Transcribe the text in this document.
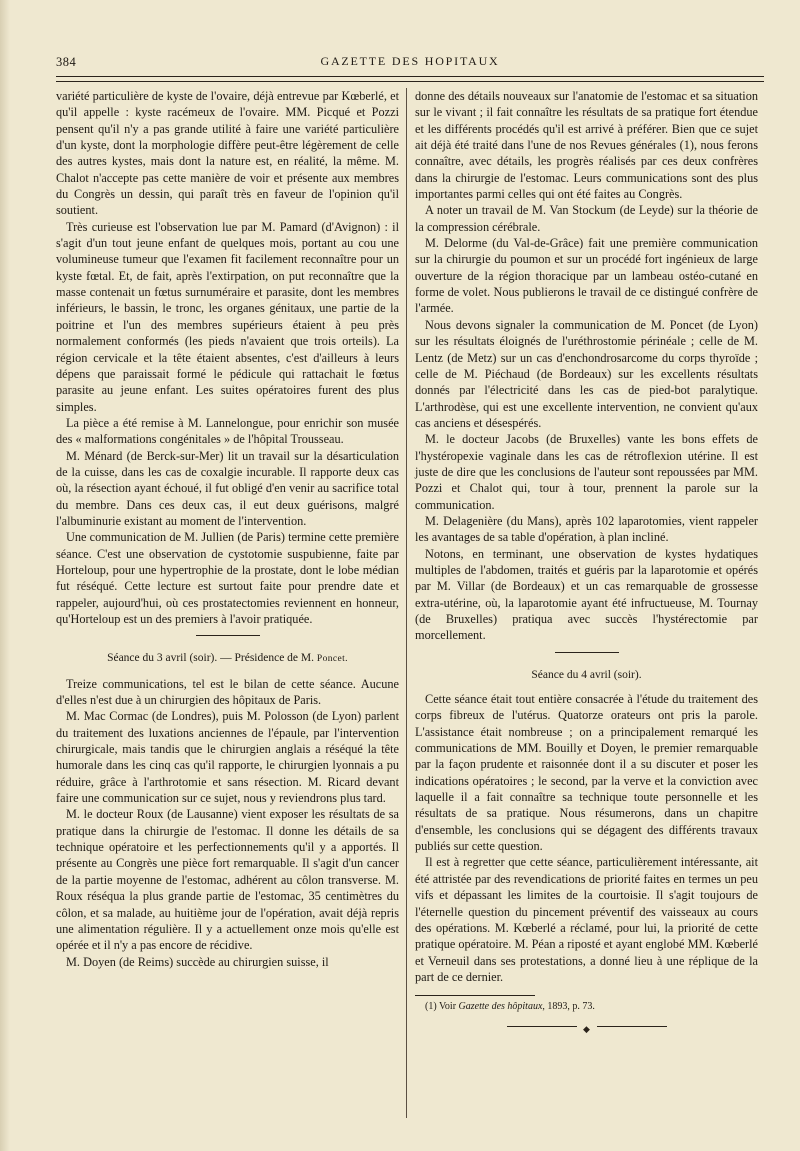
384	GAZETTE DES HOPITAUX

variété particulière de kyste de l'ovaire, déjà entrevue par Kœberlé, et qu'il appelle : kyste racémeux de l'ovaire. MM. Picqué et Pozzi pensent qu'il n'y a pas grande utilité à faire une variété particulière d'un kyste, dont la morphologie diffère peut-être légèrement de celle des autres kystes, mais dont la nature est, en réalité, la même. M. Chalot n'accepte pas cette manière de voir et présente aux membres du Congrès un dessin, qui paraît très en faveur de l'opinion qu'il soutient.

Très curieuse est l'observation lue par M. Pamard (d'Avignon) : il s'agit d'un tout jeune enfant de quelques mois, portant au cou une volumineuse tumeur que l'examen fit facilement reconnaître pour un kyste fœtal. Et, de fait, après l'extirpation, on put reconnaître que la masse contenait un fœtus surnuméraire et parasite, dont les membres inférieurs, le bassin, le tronc, les organes génitaux, une partie de la poitrine et l'un des membres supérieurs étaient à peu près normalement conformés (les pieds n'avaient que trois orteils). La région cervicale et la tête étaient absentes, c'est d'ailleurs à leurs dépens que paraissait formé le pédicule qui rattachait le fœtus parasite au jeune enfant. Les suites opératoires furent des plus simples.

La pièce a été remise à M. Lannelongue, pour enrichir son musée des « malformations congénitales » de l'hôpital Trousseau.

M. Ménard (de Berck-sur-Mer) lit un travail sur la désarticulation de la cuisse, dans les cas de coxalgie incurable. Il rapporte deux cas où, la résection ayant échoué, il fut obligé d'en venir au sacrifice total du membre. Dans ces deux cas, il eut deux guérisons, malgré l'albuminurie existant au moment de l'intervention.

Une communication de M. Jullien (de Paris) termine cette première séance. C'est une observation de cystotomie suspubienne, faite par Horteloup, pour une hypertrophie de la prostate, dont le lobe médian fut réséqué. Cette lecture est surtout faite pour prendre date et rappeler, aujourd'hui, où ces prostatectomies reviennent en honneur, qu'Horteloup est un des premiers à l'avoir pratiquée.

Séance du 3 avril (soir). — Présidence de M. Poncet.

Treize communications, tel est le bilan de cette séance. Aucune d'elles n'est due à un chirurgien des hôpitaux de Paris.

M. Mac Cormac (de Londres), puis M. Polosson (de Lyon) parlent du traitement des luxations anciennes de l'épaule, par l'intervention chirurgicale, mais tandis que le chirurgien anglais a réséqué la tête humorale dans les cinq cas qu'il rapporte, le chirurgien lyonnais a pu réduire, grâce à l'arthrotomie et sans résection. M. Ricard devant faire une communication sur ce sujet, nous y reviendrons plus tard.

M. le docteur Roux (de Lausanne) vient exposer les résultats de sa pratique dans la chirurgie de l'estomac. Il donne les détails de sa technique opératoire et les perfectionnements qu'il y a apportés. Il présente au Congrès une pièce fort remarquable. Il s'agit d'un cancer de la partie moyenne de l'estomac, adhérent au côlon transverse. M. Roux réséqua la plus grande partie de l'estomac, 35 centimètres du côlon, et sa malade, au huitième jour de l'opération, avait déjà repris une alimentation régulière. Il y a actuellement onze mois qu'elle est opérée et il n'y a pas encore de récidive.

M. Doyen (de Reims) succède au chirurgien suisse, il

donne des détails nouveaux sur l'anatomie de l'estomac et sa situation sur le vivant ; il fait connaître les résultats de sa pratique fort étendue et les différents procédés qu'il est arrivé à préférer. Bien que ce sujet ait déjà été traité dans l'une de nos Revues générales (1), nous ferons connaître, avec détails, les progrès réalisés par ces deux confrères dans la chirurgie de l'estomac. Leurs communications sont des plus importantes parmi celles qui ont été faites au Congrès.

A noter un travail de M. Van Stockum (de Leyde) sur la théorie de la compression cérébrale.

M. Delorme (du Val-de-Grâce) fait une première communication sur la chirurgie du poumon et sur un procédé fort ingénieux de large ouverture de la région thoracique par un lambeau ostéo-cutané en forme de volet. Nous publierons le travail de ce distingué confrère de l'armée.

Nous devons signaler la communication de M. Poncet (de Lyon) sur les résultats éloignés de l'uréthrostomie périnéale ; celle de M. Lentz (de Metz) sur un cas d'enchondrosarcome du corps thyroïde ; celle de M. Piéchaud (de Bordeaux) sur les excellents résultats donnés par l'électricité dans les cas de pied-bot paralytique. L'arthrodèse, qui est une excellente intervention, ne convient qu'aux cas anciens et désespérés.

M. le docteur Jacobs (de Bruxelles) vante les bons effets de l'hystéropexie vaginale dans les cas de rétroflexion utérine. Il est juste de dire que les conclusions de l'auteur sont repoussées par MM. Pozzi et Chalot qui, tour à tour, prennent la parole sur la communication.

M. Delagenière (du Mans), après 102 laparotomies, vient rappeler les avantages de sa table d'opération, à plan incliné.

Notons, en terminant, une observation de kystes hydatiques multiples de l'abdomen, traités et guéris par la laparotomie et opérés par M. Villar (de Bordeaux) et un cas remarquable de grossesse extra-utérine, où, la laparotomie ayant été infructueuse, M. Tournay (de Bruxelles) pratiqua avec succès l'hystérectomie par morcellement.

Séance du 4 avril (soir).

Cette séance était tout entière consacrée à l'étude du traitement des corps fibreux de l'utérus. Quatorze orateurs ont pris la parole. L'assistance était nombreuse ; on a principalement remarqué les communications de MM. Bouilly et Doyen, le premier remarquable par la façon prudente et raisonnée dont il a su discuter et poser les indications opératoires ; le second, par la verve et la conviction avec laquelle il a fait connaître sa technique toute personnelle et les résultats de sa pratique. Nous résumerons, dans un chapitre d'ensemble, les conclusions qui se dégagent des différents travaux publiés sur cette question.

Il est à regretter que cette séance, particulièrement intéressante, ait été attristée par des revendications de priorité faites en termes un peu vifs et dépassant les limites de la courtoisie. Il s'agit toujours de l'éternelle question du pincement préventif des vaisseaux au cours des opérations. M. Kœberlé a réclamé, pour lui, la priorité de cette pratique opératoire. M. Péan a riposté et ayant englobé MM. Kœberlé et Verneuil dans ses protestations, a donné lieu à une réplique de la part de ce dernier.

(1) Voir Gazette des hôpitaux, 1893, p. 73.

◆
